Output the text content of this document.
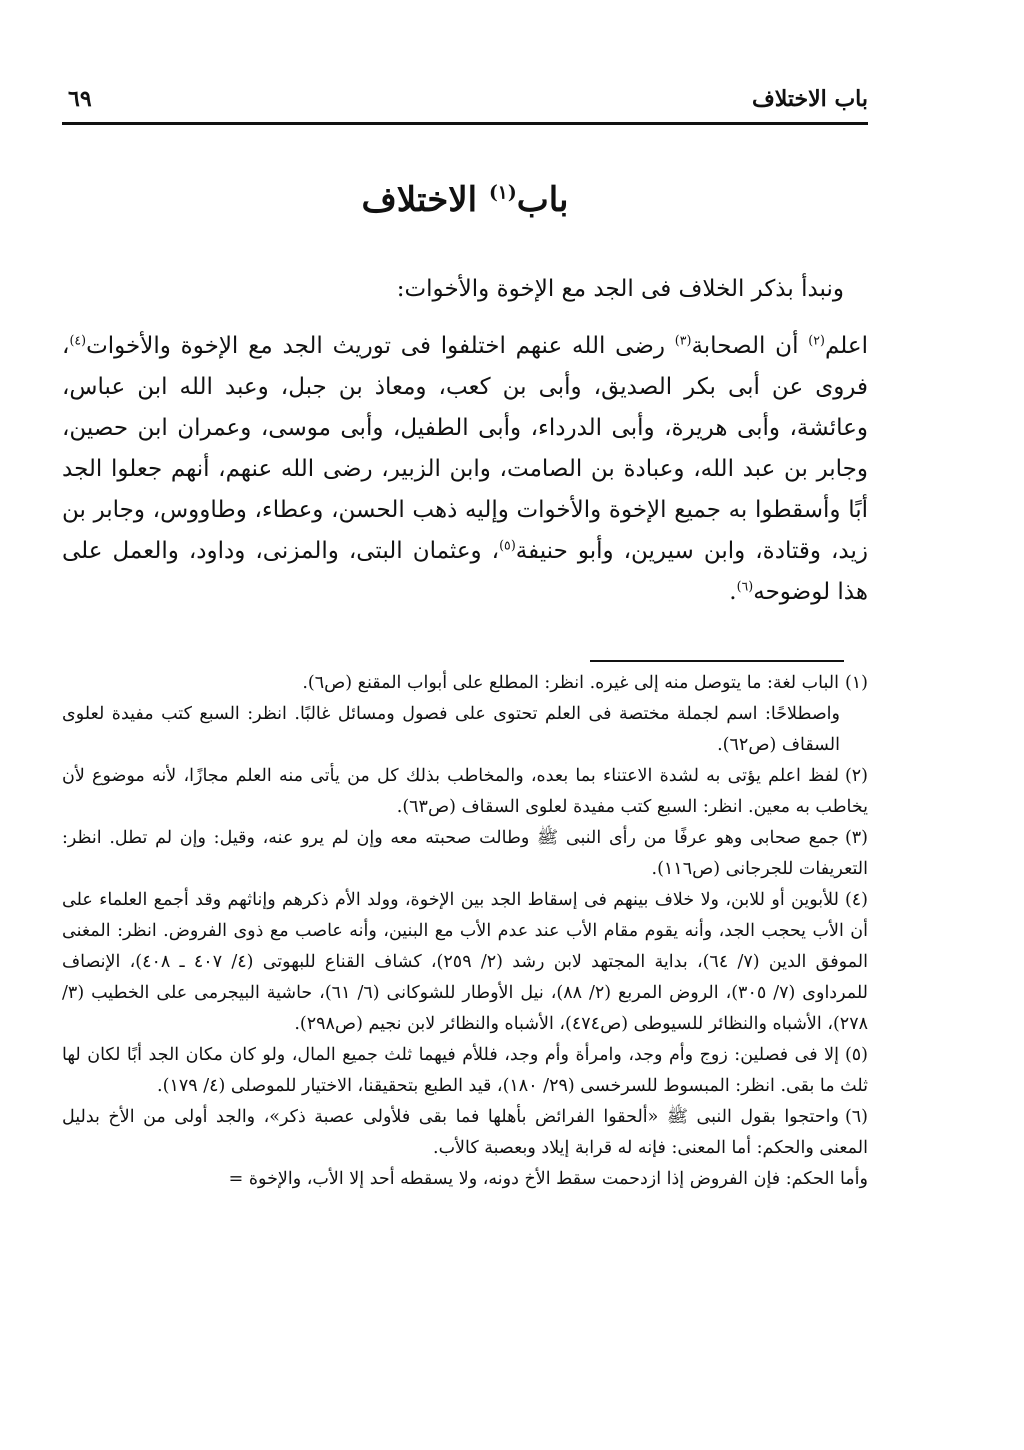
باب الاختلاف
٦٩
باب$^{(١)}$ الاختلاف
ونبدأ بذكر الخلاف فى الجد مع الإخوة والأخوات:

اعلم$^{(٢)}$ أن الصحابة$^{(٣)}$ رضى الله عنهم اختلفوا فى توريث الجد مع الإخوة والأخوات$^{(٤)}$، فروى عن أبى بكر الصديق، وأبى بن كعب، ومعاذ بن جبل، وعبد الله ابن عباس، وعائشة، وأبى هريرة، وأبى الدرداء، وأبى الطفيل، وأبى موسى، وعمران ابن حصين، وجابر بن عبد الله، وعبادة بن الصامت، وابن الزبير، رضى الله عنهم، أنهم جعلوا الجد أبًا وأسقطوا به جميع الإخوة والأخوات وإليه ذهب الحسن، وعطاء، وطاووس، وجابر بن زيد، وقتادة، وابن سيرين، وأبو حنيفة$^{(٥)}$، وعثمان البتى، والمزنى، وداود، والعمل على هذا لوضوحه$^{(٦)}$.

(١)الباب لغة: ما يتوصل منه إلى غيره. انظر: المطلع على أبواب المقنع (ص٦).

واصطلاحًا: اسم لجملة مختصة فى العلم تحتوى على فصول ومسائل غالبًا. انظر: السبع كتب مفيدة لعلوى السقاف (ص٦٢).

(٢)لفظ اعلم يؤتى به لشدة الاعتناء بما بعده، والمخاطب بذلك كل من يأتى منه العلم مجازًا، لأنه موضوع لأن يخاطب به معين. انظر: السبع كتب مفيدة لعلوى السقاف (ص٦٣).

(٣)جمع صحابى وهو عرفًا من رأى النبى ﷺ وطالت صحبته معه وإن لم يرو عنه، وقيل: وإن لم تطل. انظر: التعريفات للجرجانى (ص١١٦).

(٤)للأبوين أو للابن، ولا خلاف بينهم فى إسقاط الجد بين الإخوة، وولد الأم ذكرهم وإناثهم وقد أجمع العلماء على أن الأب يحجب الجد، وأنه يقوم مقام الأب عند عدم الأب مع البنين، وأنه عاصب مع ذوى الفروض. انظر: المغنى الموفق الدين (٧/ ٦٤)، بداية المجتهد لابن رشد (٢/ ٢٥٩)، كشاف القناع للبهوتى (٤/ ٤٠٧ ـ ٤٠٨)، الإنصاف للمرداوى (٧/ ٣٠٥)، الروض المربع (٢/ ٨٨)، نيل الأوطار للشوكانى (٦/ ٦١)، حاشية البيجرمى على الخطيب (٣/ ٢٧٨)، الأشباه والنظائر للسيوطى (ص٤٧٤)، الأشباه والنظائر لابن نجيم (ص٢٩٨).

(٥)إلا فى فصلين: زوج وأم وجد، وامرأة وأم وجد، فللأم فيهما ثلث جميع المال، ولو كان مكان الجد أبًا لكان لها ثلث ما بقى. انظر: المبسوط للسرخسى (٢٩/ ١٨٠)، قيد الطبع بتحقيقنا، الاختيار للموصلى (٤/ ١٧٩).

(٦)واحتجوا بقول النبى ﷺ «ألحقوا الفرائض بأهلها فما بقى فلأولى عصبة ذكر»، والجد أولى من الأخ بدليل المعنى والحكم: أما المعنى: فإنه له قرابة إيلاد وبعصبة كالأب.

وأما الحكم: فإن الفروض إذا ازدحمت سقط الأخ دونه، ولا يسقطه أحد إلا الأب، والإخوة =
